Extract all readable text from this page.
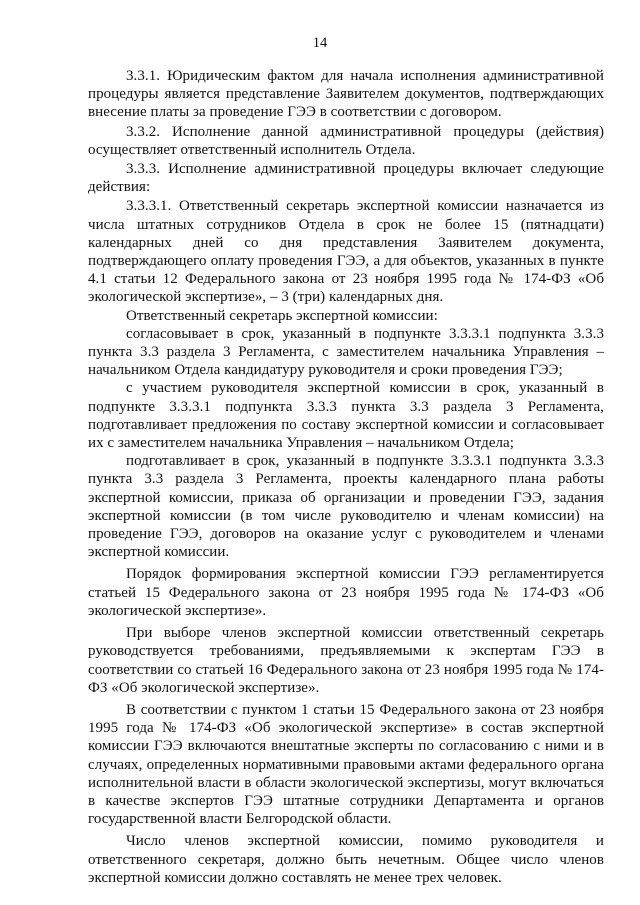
14

3.3.1. Юридическим фактом для начала исполнения административной процедуры является представление Заявителем документов, подтверждающих внесение платы за проведение ГЭЭ в соответствии с договором.

3.3.2. Исполнение данной административной процедуры (действия) осуществляет ответственный исполнитель Отдела.

3.3.3. Исполнение административной процедуры включает следующие действия:

3.3.3.1. Ответственный секретарь экспертной комиссии назначается из числа штатных сотрудников Отдела в срок не более 15 (пятнадцати) календарных дней со дня представления Заявителем документа, подтверждающего оплату проведения ГЭЭ, а для объектов, указанных в пункте 4.1 статьи 12 Федерального закона от 23 ноября 1995 года № 174-ФЗ «Об экологической экспертизе», – 3 (три) календарных дня.

Ответственный секретарь экспертной комиссии:

согласовывает в срок, указанный в подпункте 3.3.3.1 подпункта 3.3.3 пункта 3.3 раздела 3 Регламента, с заместителем начальника Управления – начальником Отдела кандидатуру руководителя и сроки проведения ГЭЭ;

с участием руководителя экспертной комиссии в срок, указанный в подпункте 3.3.3.1 подпункта 3.3.3 пункта 3.3 раздела 3 Регламента, подготавливает предложения по составу экспертной комиссии и согласовывает их с заместителем начальника Управления – начальником Отдела;

подготавливает в срок, указанный в подпункте 3.3.3.1 подпункта 3.3.3 пункта 3.3 раздела 3 Регламента, проекты календарного плана работы экспертной комиссии, приказа об организации и проведении ГЭЭ, задания экспертной комиссии (в том числе руководителю и членам комиссии) на проведение ГЭЭ, договоров на оказание услуг с руководителем и членами экспертной комиссии.

Порядок формирования экспертной комиссии ГЭЭ регламентируется статьей 15 Федерального закона от 23 ноября 1995 года № 174-ФЗ «Об экологической экспертизе».

При выборе членов экспертной комиссии ответственный секретарь руководствуется требованиями, предъявляемыми к экспертам ГЭЭ в соответствии со статьей 16 Федерального закона от 23 ноября 1995 года № 174-ФЗ «Об экологической экспертизе».

В соответствии с пунктом 1 статьи 15 Федерального закона от 23 ноября 1995 года № 174-ФЗ «Об экологической экспертизе» в состав экспертной комиссии ГЭЭ включаются внештатные эксперты по согласованию с ними и в случаях, определенных нормативными правовыми актами федерального органа исполнительной власти в области экологической экспертизы, могут включаться в качестве экспертов ГЭЭ штатные сотрудники Департамента и органов государственной власти Белгородской области.

Число членов экспертной комиссии, помимо руководителя и ответственного секретаря, должно быть нечетным. Общее число членов экспертной комиссии должно составлять не менее трех человек.
